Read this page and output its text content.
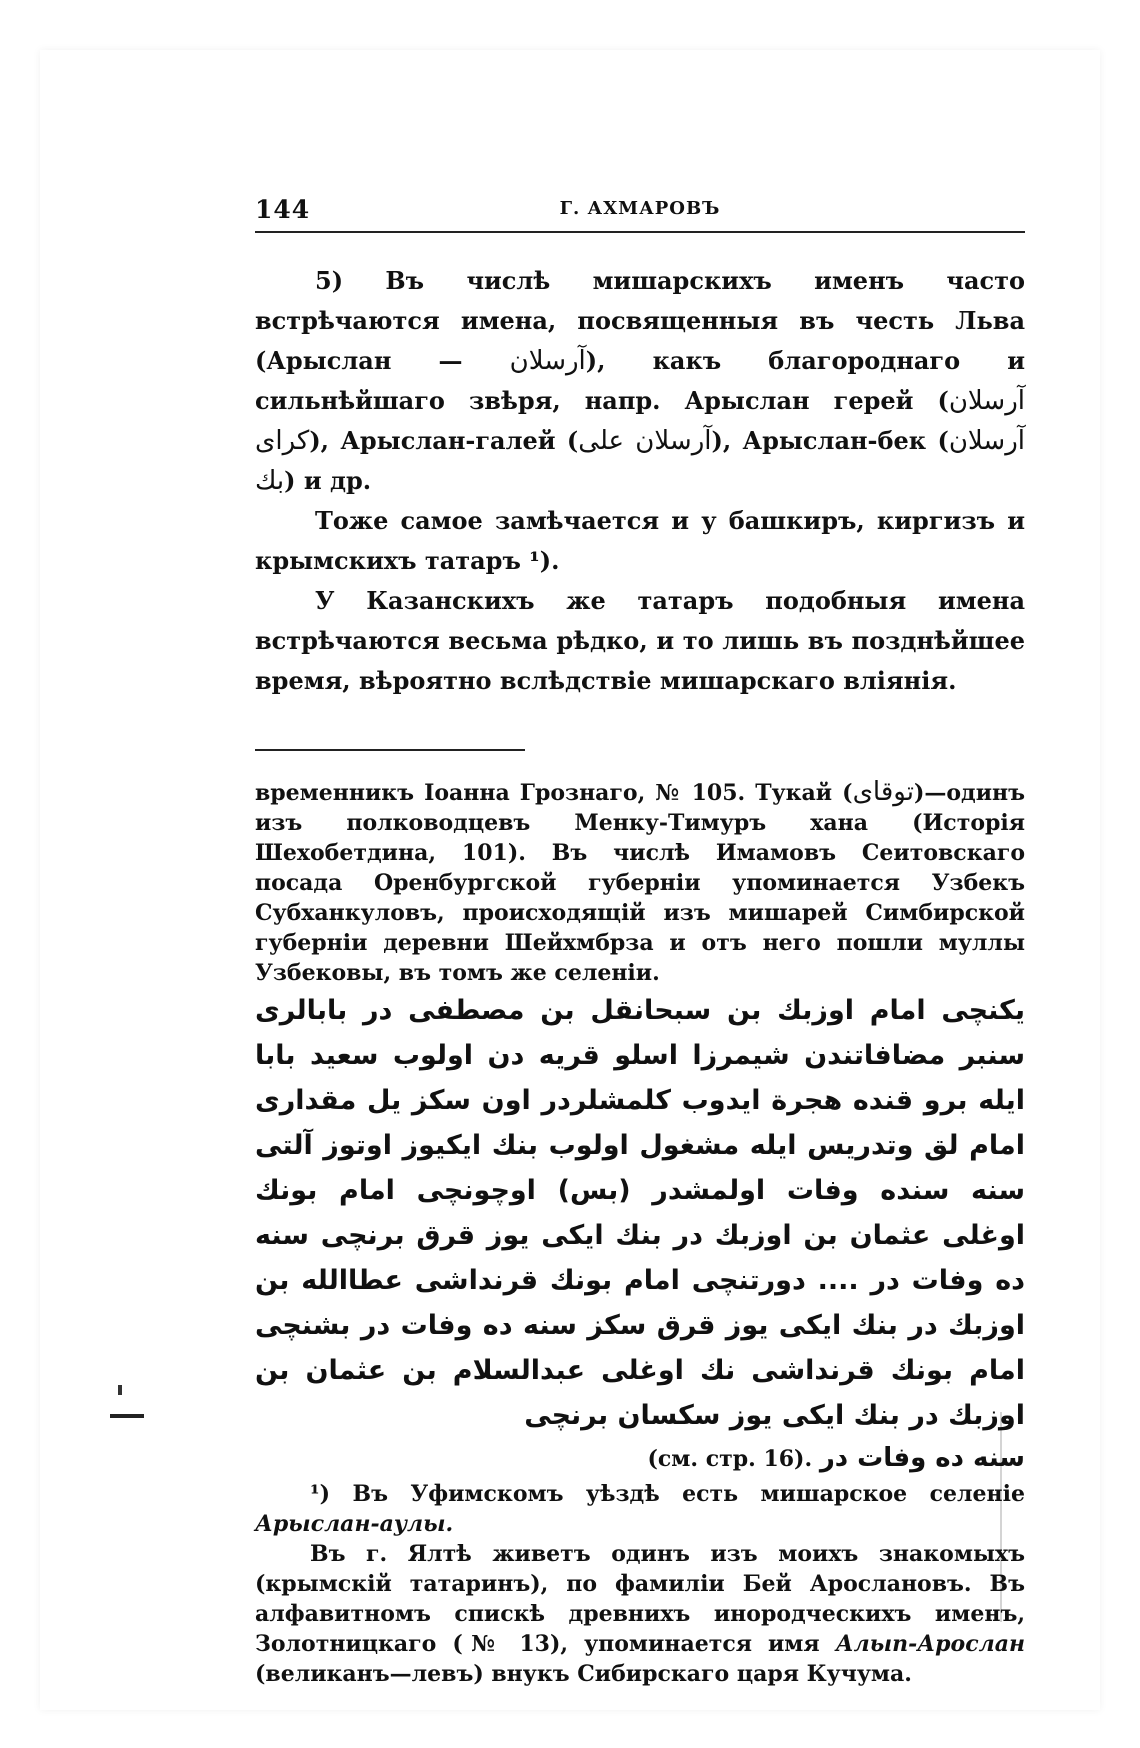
144	Г. АХМАРОВЪ

5) Въ числѣ мишарскихъ именъ часто встрѣчаются имена, посвященныя въ честь Льва (Арыслан — آرسلان), какъ благороднаго и сильнѣйшаго звѣря, напр. Арыслан герей (آرسلان كراى), Арыслан-галей (آرسلان على), Арыслан-бек (آرسلان بك) и др.

Тоже самое замѣчается и у башкиръ, киргизъ и крымскихъ татаръ ¹).

У Казанскихъ же татаръ подобныя имена встрѣчаются весьма рѣдко, и то лишь въ позднѣйшее время, вѣроятно вслѣдствіе мишарскаго вліянія.

временникъ Іоанна Грознаго, № 105. Тукай (توقاى)—одинъ изъ полководцевъ Менку-Тимуръ хана (Исторія Шехобетдина, 101). Въ числѣ Имамовъ Сеитовскаго посада Оренбургской губерніи упоминается Узбекъ Субханкуловъ, происходящій изъ мишарей Симбирской губерніи деревни Шейхмбрза и отъ него пошли муллы Узбековы, въ томъ же селеніи.

يكنچى امام اوزبك بن سبحانقل بن مصطفى در بابالرى سنبر مضافاتندن شيمرزا اسلو قريه دن اولوب سعيد بابا ايله برو قنده هجرة ايدوب كلمشلردر اون سكز يل مقدارى امام لق وتدريس ايله مشغول اولوب بنك ايكيوز اوتوز آلتى سنه سنده وفات اولمشدر (بس) اوچونچى امام بونك اوغلى عثمان بن اوزبك در بنك ايكى يوز قرق برنچى سنه ده وفات در .... دورتنچى امام بونك قرنداشى عطاالله بن اوزبك در بنك ايكى يوز قرق سكز سنه ده وفات در بشنچى امام بونك قرنداشى نك اوغلى عبدالسلام بن عثمان بن اوزبك در بنك ايكى يوز سكسان برنچى

سنه ده وفات در (см. стр. 16).

¹) Въ Уфимскомъ уѣздѣ есть мишарское селеніе Арыслан-аулы.

Въ г. Ялтѣ живетъ одинъ изъ моихъ знакомыхъ (крымскій татаринъ), по фамиліи Бей Арослановъ. Въ алфавитномъ спискѣ древнихъ инородческихъ именъ, Золотницкаго (№ 13), упоминается имя Алып-Арослан (великанъ—левъ) внукъ Сибирскаго царя Кучума.
